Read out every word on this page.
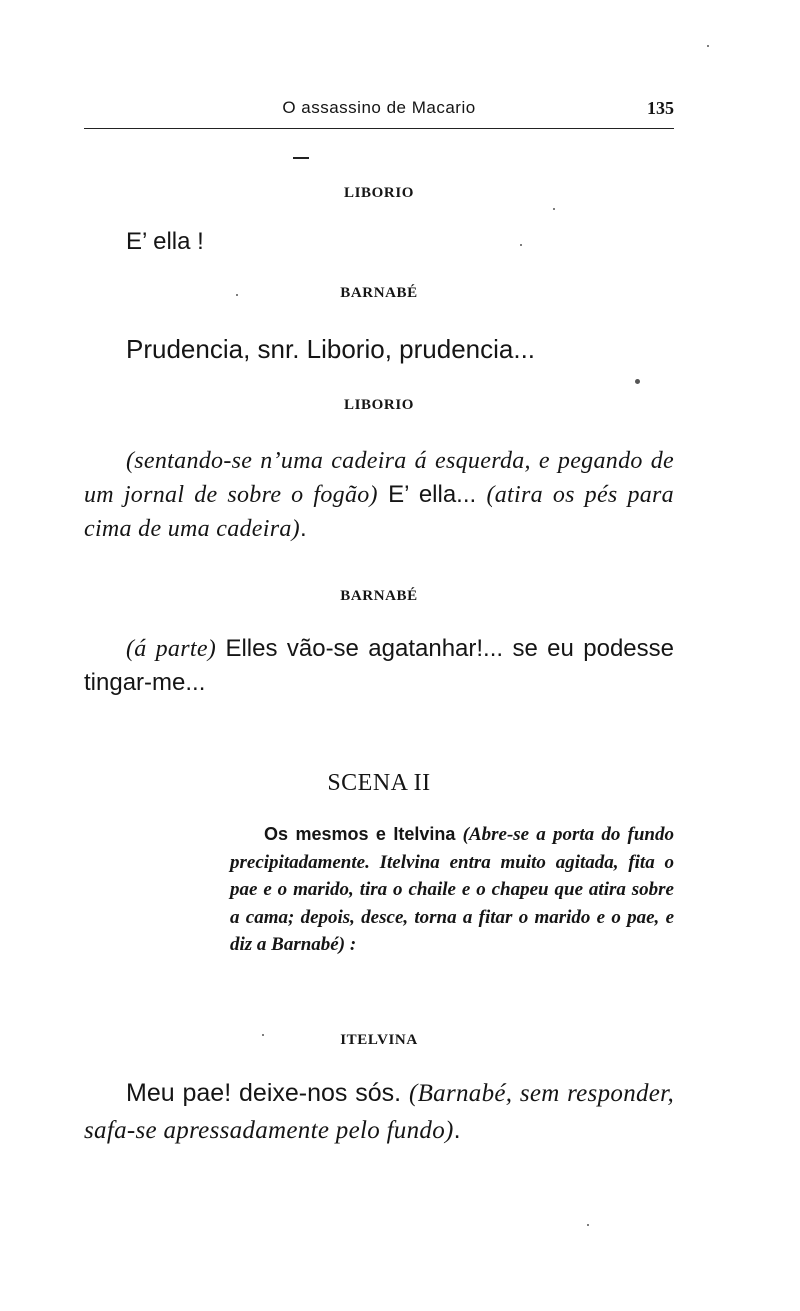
O assassino de Macario	135
LIBORIO
E’ ella !
BARNABÉ
Prudencia, snr. Liborio, prudencia...
LIBORIO
(sentando-se n’uma cadeira á esquerda, e pegando de um jornal de sobre o fogão) E’ ella... (atira os pés para cima de uma cadeira).
BARNABÉ
(á parte) Elles vão-se agatanhar!... se eu podesse tingar-me...
SCENA II
Os mesmos e Itelvina (Abre-se a porta do fundo precipitadamente. Itelvina entra muito agitada, fita o pae e o marido, tira o chaile e o chapeu que atira sobre a cama; depois, desce, torna a fitar o marido e o pae, e diz a Barnabé) :
ITELVINA
Meu pae! deixe-nos sós. (Barnabé, sem responder, safa-se apressadamente pelo fundo).
